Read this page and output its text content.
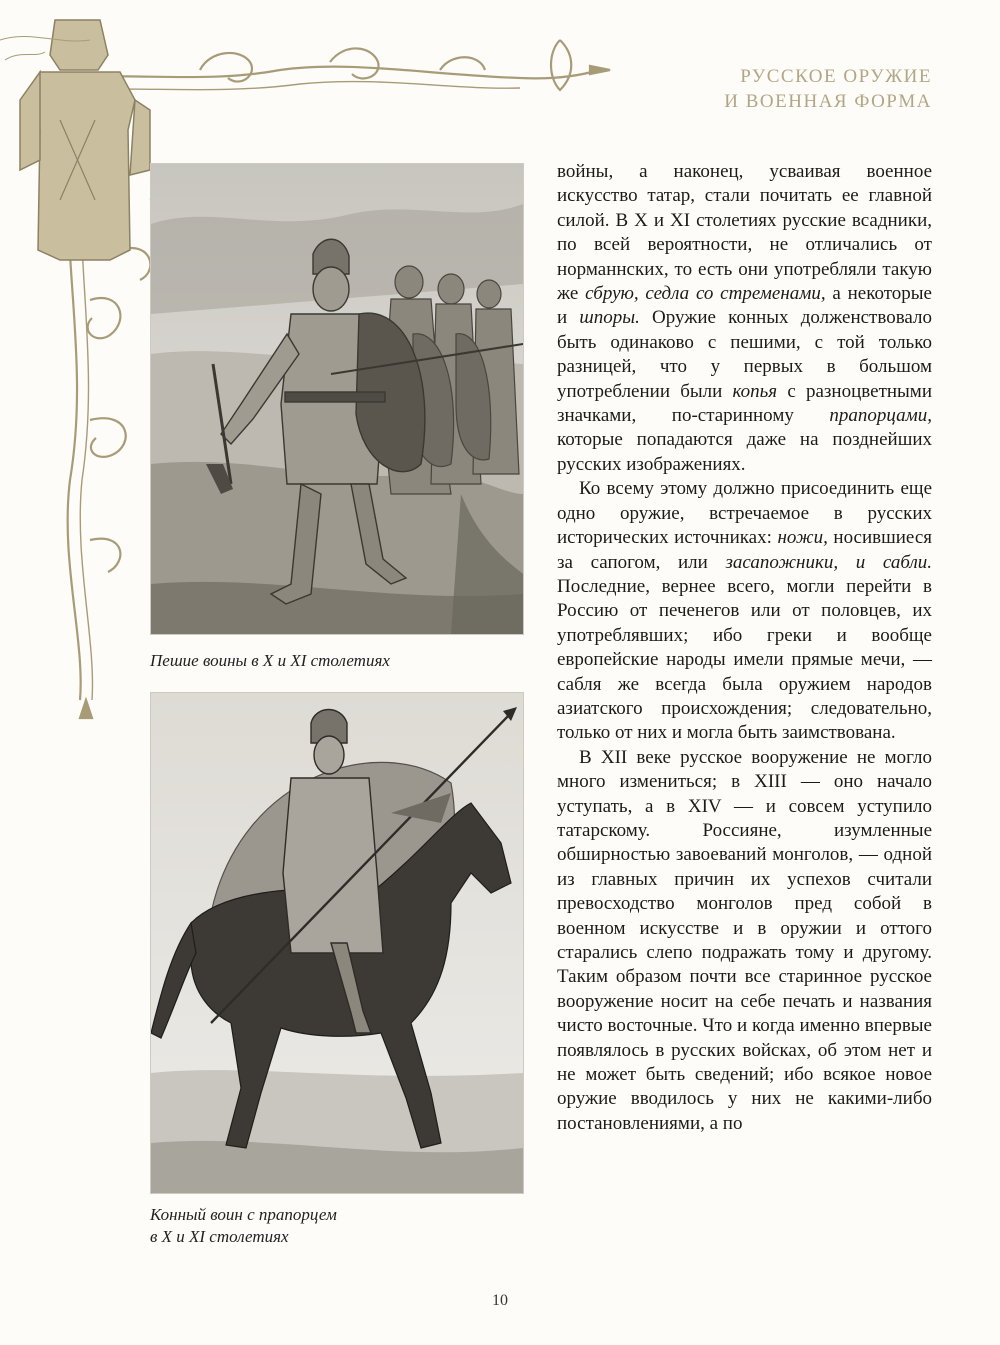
РУССКОЕ ОРУЖИЕ
И ВОЕННАЯ ФОРМА
Пешие воины в X и XI столетиях
Конный воин с прапорцем
в X и XI столетиях

войны, а наконец, усваивая военное искусство татар, стали почитать ее главной силой. В X и XI столетиях русские всадники, по всей вероятности, не отличались от норманнских, то есть они употребляли такую же сбрую, седла со стременами, а некоторые и шпоры. Оружие конных долженствовало быть одинаково с пешими, с той только разницей, что у первых в большом употреблении были копья с разноцветными значками, по-старинному прапорцами, которые попадаются даже на позднейших русских изображениях.

Ко всему этому должно присоединить еще одно оружие, встречаемое в русских исторических источниках: ножи, носившиеся за сапогом, или засапожники, и сабли. Последние, вернее всего, могли перейти в Россию от печенегов или от половцев, их употреблявших; ибо греки и вообще европейские народы имели прямые мечи, — сабля же всегда была оружием народов азиатского происхождения; следовательно, только от них и могла быть заимствована.

В XII веке русское вооружение не могло много измениться; в XIII — оно начало уступать, а в XIV — и совсем уступило татарскому. Россияне, изумленные обширностью завоеваний монголов, — одной из главных причин их успехов считали превосходство монголов пред собой в военном искусстве и в оружии и оттого старались слепо подражать тому и другому. Таким образом почти все старинное русское вооружение носит на себе печать и названия чисто восточные. Что и когда именно впервые появлялось в русских войсках, об этом нет и не может быть сведений; ибо всякое новое оружие вводилось у них не какими-либо постановлениями, а по

10
